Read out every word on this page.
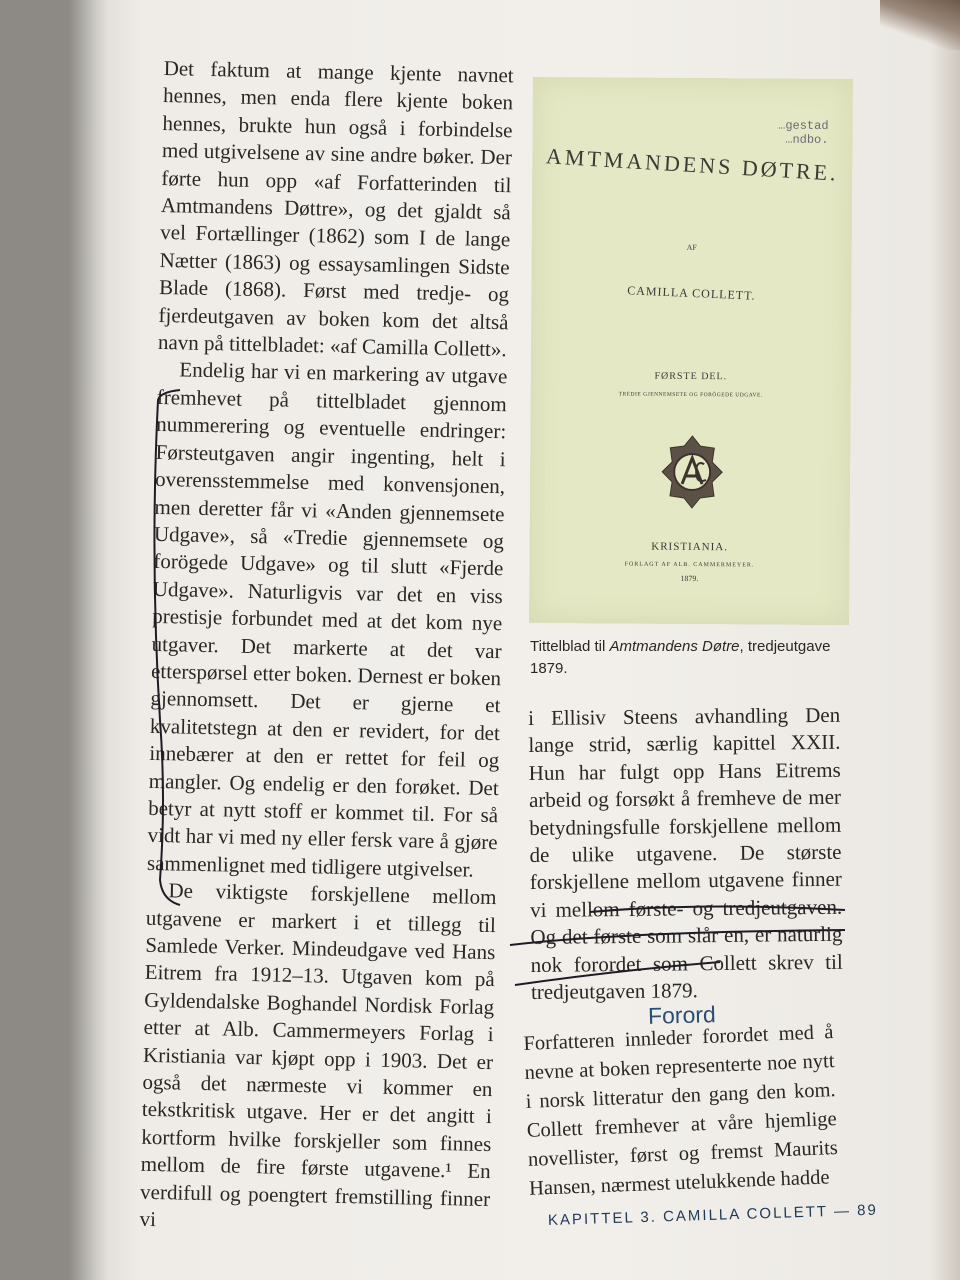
Det faktum at mange kjente navnet hennes, men enda flere kjente boken hennes, brukte hun også i forbindelse med utgivelsene av sine andre bøker. Der førte hun opp «af Forfatterinden til Amtmandens Døttre», og det gjaldt så vel Fortællinger (1862) som I de lange Nætter (1863) og essaysamlingen Sidste Blade (1868). Først med tredje- og fjerdeutgaven av boken kom det altså navn på tittelbladet: «af Camilla Collett».

Endelig har vi en markering av utgave fremhevet på tittelbladet gjennom nummerering og eventuelle endringer: Førsteutgaven angir ingenting, helt i overensstemmelse med konvensjonen, men deretter får vi «Anden gjennemsete Udgave», så «Tredie gjennemsete og forögede Udgave» og til slutt «Fjerde Udgave». Naturligvis var det en viss prestisje forbundet med at det kom nye utgaver. Det markerte at det var etterspørsel etter boken. Dernest er boken gjennomsett. Det er gjerne et kvalitetstegn at den er revidert, for det innebærer at den er rettet for feil og mangler. Og endelig er den forøket. Det betyr at nytt stoff er kommet til. For så vidt har vi med ny eller fersk vare å gjøre sammenlignet med tidligere utgivelser.

De viktigste forskjellene mellom utgavene er markert i et tillegg til Samlede Verker. Mindeudgave ved Hans Eitrem fra 1912–13. Utgaven kom på Gyldendalske Boghandel Nordisk Forlag etter at Alb. Cammermeyers Forlag i Kristiania var kjøpt opp i 1903. Det er også det nærmeste vi kommer en tekstkritisk utgave. Her er det angitt i kortform hvilke forskjeller som finnes mellom de fire første utgavene.¹ En verdifull og poengtert fremstilling finner vi

…gestad
…ndbo.
AMTMANDENS DØTRE.
AF
CAMILLA COLLETT.
FØRSTE DEL.
TREDIE GJENNEMSETE OG FORÖGEDE UDGAVE.
KRISTIANIA.
FORLAGT AF ALB. CAMMERMEYER.
1879.
Tittelblad til Amtmandens Døtre, tredjeutgave 1879.

i Ellisiv Steens avhandling Den lange strid, særlig kapittel XXII. Hun har fulgt opp Hans Eitrems arbeid og forsøkt å fremheve de mer betydningsfulle forskjellene mellom de ulike utgavene. De største forskjellene mellom utgavene finner vi mellom første- og tredjeutgaven. Og det første som slår en, er naturlig nok forordet som Collett skrev til tredjeutgaven 1879.

Forord

Forfatteren innleder forordet med å nevne at boken representerte noe nytt i norsk litteratur den gang den kom. Collett fremhever at våre hjemlige novellister, først og fremst Maurits Hansen, nærmest utelukkende hadde

KAPITTEL 3. CAMILLA COLLETT — 89
